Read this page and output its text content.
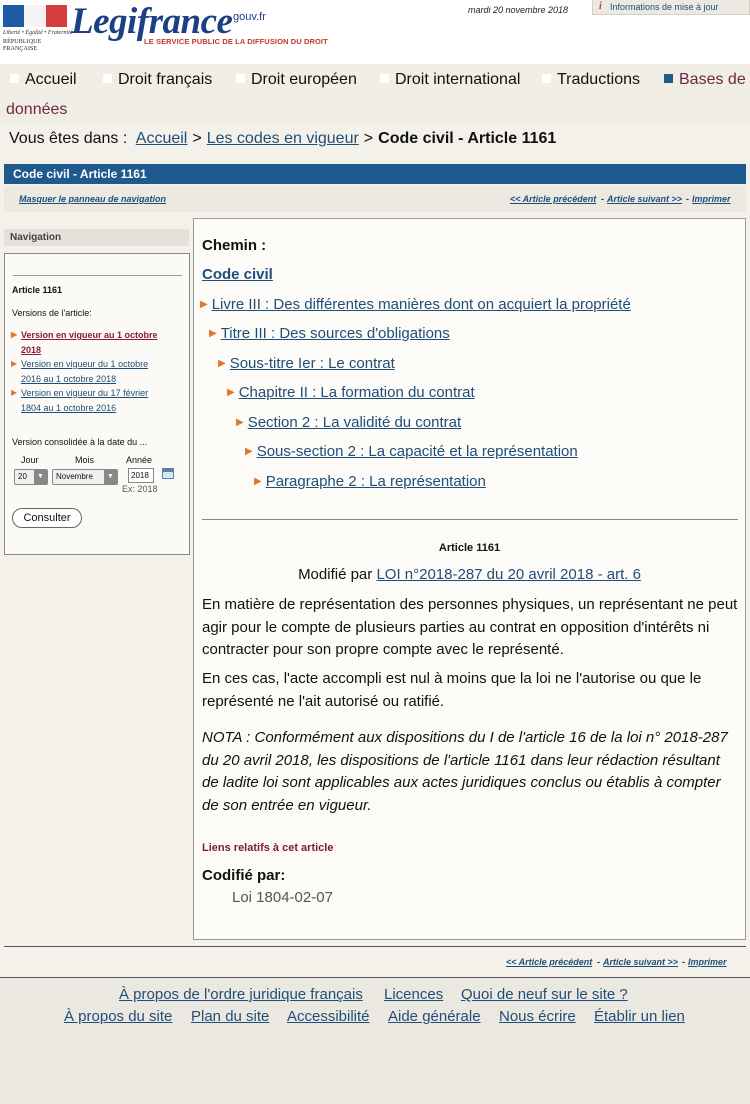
Liberté • Égalité • Fraternité
RÉPUBLIQUE FRANÇAISE
Legifrance
.gouv.fr
LE SERVICE PUBLIC DE LA DIFFUSION DU DROIT
mardi 20 novembre 2018	i Informations de mise à jour
Accueil	Droit français	Droit européen	Droit international	Traductions	Bases de
données
Vous êtes dans : Accueil > Les codes en vigueur > Code civil - Article 1161
Code civil - Article 1161
Masquer le panneau de navigation	<< Article précédent - Article suivant >> - Imprimer
Navigation
Article 1161
Versions de l'article:
▶ Version en vigueur au 1 octobre
2018
▶ Version en vigueur du 1 octobre
2016 au 1 octobre 2018
▶ Version en vigueur du 17 février
1804 au 1 octobre 2016
Version consolidée à la date du ...
Jour	Mois	Année
20	▼	Novembre	▼	2018
Ex: 2018
Consulter
Chemin :
Code civil
▶ Livre III : Des différentes manières dont on acquiert la propriété
▶ Titre III : Des sources d'obligations
▶ Sous-titre Ier : Le contrat
▶ Chapitre II : La formation du contrat
▶ Section 2 : La validité du contrat
▶ Sous-section 2 : La capacité et la représentation
▶ Paragraphe 2 : La représentation
Article 1161
Modifié par LOI n°2018-287 du 20 avril 2018 - art. 6
En matière de représentation des personnes physiques, un représentant ne peut agir pour le compte de plusieurs parties au contrat en opposition d'intérêts ni contracter pour son propre compte avec le représenté.
En ces cas, l'acte accompli est nul à moins que la loi ne l'autorise ou que le représenté ne l'ait autorisé ou ratifié.
NOTA : Conformément aux dispositions du I de l'article 16 de la loi n° 2018-287 du 20 avril 2018, les dispositions de l'article 1161 dans leur rédaction résultant de ladite loi sont applicables aux actes juridiques conclus ou établis à compter de son entrée en vigueur.
Liens relatifs à cet article
Codifié par:
Loi 1804-02-07
<< Article précédent - Article suivant >> - Imprimer
À propos de l'ordre juridique français Licences Quoi de neuf sur le site ?
À propos du site Plan du site Accessibilité Aide générale Nous écrire Établir un lien
